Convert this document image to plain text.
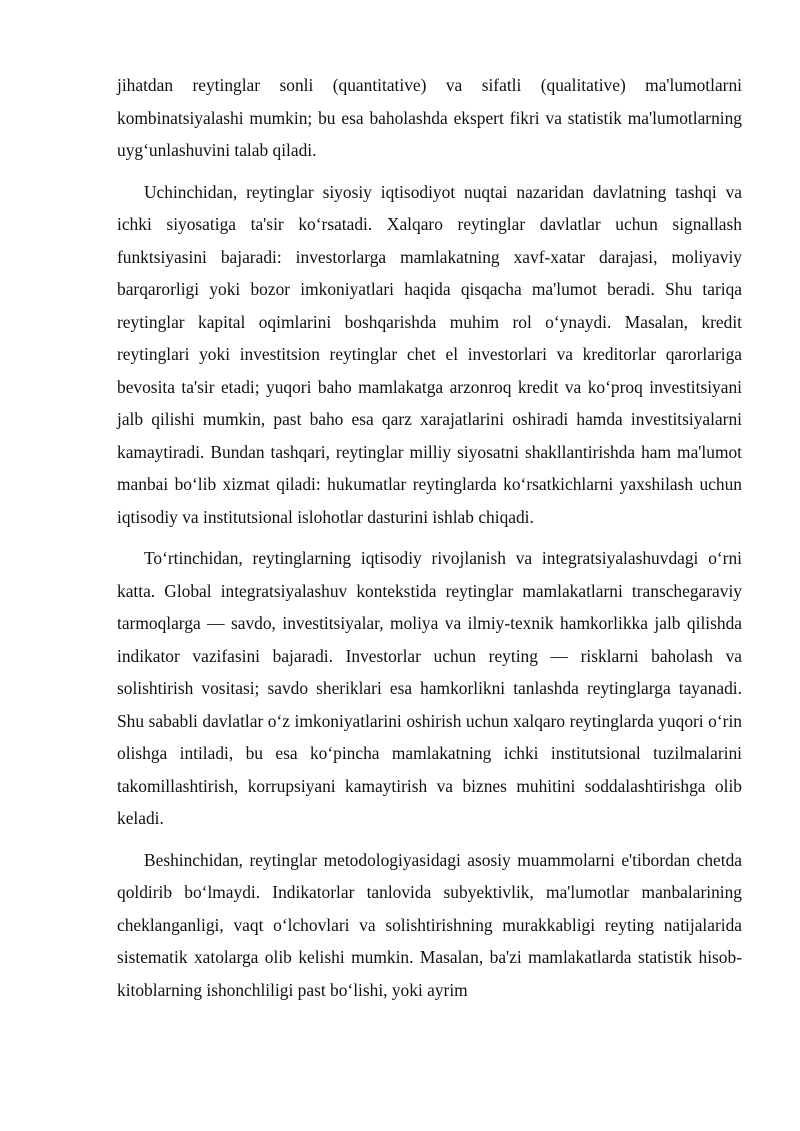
jihatdan reytinglar sonli (quantitative) va sifatli (qualitative) ma'lumotlarni kombinatsiyalashi mumkin; bu esa baholashda ekspert fikri va statistik ma'lumotlarning uyg‘unlashuvini talab qiladi.

Uchinchidan, reytinglar siyosiy iqtisodiyot nuqtai nazaridan davlatning tashqi va ichki siyosatiga ta'sir ko‘rsatadi. Xalqaro reytinglar davlatlar uchun signallash funktsiyasini bajaradi: investorlarga mamlakatning xavf-xatar darajasi, moliyaviy barqarorligi yoki bozor imkoniyatlari haqida qisqacha ma'lumot beradi. Shu tariqa reytinglar kapital oqimlarini boshqarishda muhim rol o‘ynaydi. Masalan, kredit reytinglari yoki investitsion reytinglar chet el investorlari va kreditorlar qarorlariga bevosita ta'sir etadi; yuqori baho mamlakatga arzonroq kredit va ko‘proq investitsiyani jalb qilishi mumkin, past baho esa qarz xarajatlarini oshiradi hamda investitsiyalarni kamaytiradi. Bundan tashqari, reytinglar milliy siyosatni shakllantirishda ham ma'lumot manbai bo‘lib xizmat qiladi: hukumatlar reytinglarda ko‘rsatkichlarni yaxshilash uchun iqtisodiy va institutsional islohotlar dasturini ishlab chiqadi.

To‘rtinchidan, reytinglarning iqtisodiy rivojlanish va integratsiyalashuvdagi o‘rni katta. Global integratsiyalashuv kontekstida reytinglar mamlakatlarni transchegaraviy tarmoqlarga — savdo, investitsiyalar, moliya va ilmiy-texnik hamkorlikka jalb qilishda indikator vazifasini bajaradi. Investorlar uchun reyting — risklarni baholash va solishtirish vositasi; savdo sheriklari esa hamkorlikni tanlashda reytinglarga tayanadi. Shu sababli davlatlar o‘z imkoniyatlarini oshirish uchun xalqaro reytinglarda yuqori o‘rin olishga intiladi, bu esa ko‘pincha mamlakatning ichki institutsional tuzilmalarini takomillashtirish, korrupsiyani kamaytirish va biznes muhitini soddalashtirishga olib keladi.

Beshinchidan, reytinglar metodologiyasidagi asosiy muammolarni e'tibordan chetda qoldirib bo‘lmaydi. Indikatorlar tanlovida subyektivlik, ma'lumotlar manbalarining cheklanganligi, vaqt o‘lchovlari va solishtirishning murakkabligi reyting natijalarida sistematik xatolarga olib kelishi mumkin. Masalan, ba'zi mamlakatlarda statistik hisob-kitoblarning ishonchliligi past bo‘lishi, yoki ayrim
